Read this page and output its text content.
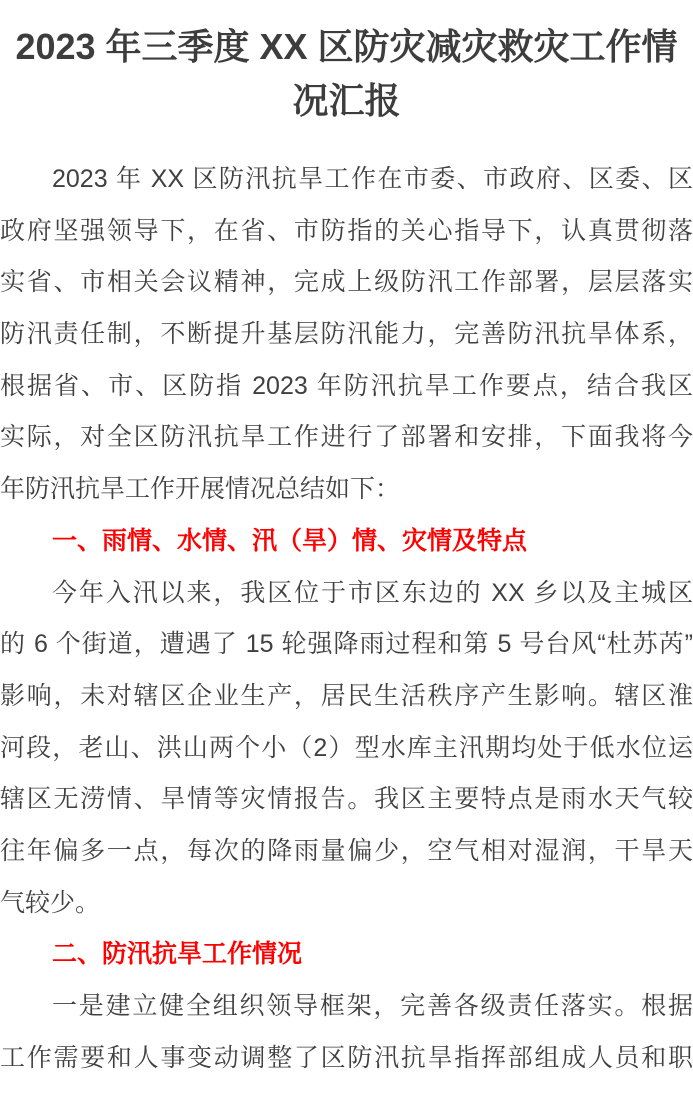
2023 年三季度 XX 区防灾减灾救灾工作情况汇报
2023 年 XX 区防汛抗旱工作在市委、市政府、区委、区
政府坚强领导下，在省、市防指的关心指导下，认真贯彻落
实省、市相关会议精神，完成上级防汛工作部署，层层落实
防汛责任制，不断提升基层防汛能力，完善防汛抗旱体系，
根据省、市、区防指 2023 年防汛抗旱工作要点，结合我区
实际，对全区防汛抗旱工作进行了部署和安排，下面我将今
年防汛抗旱工作开展情况总结如下：
一、雨情、水情、汛（旱）情、灾情及特点
今年入汛以来，我区位于市区东边的 XX 乡以及主城区
的 6 个街道，遭遇了 15 轮强降雨过程和第 5 号台风“杜苏芮”
影响，未对辖区企业生产，居民生活秩序产生影响。辖区淮
河段，老山、洪山两个小（2）型水库主汛期均处于低水位运
辖区无涝情、旱情等灾情报告。我区主要特点是雨水天气较
往年偏多一点，每次的降雨量偏少，空气相对湿润，干旱天
气较少。
二、防汛抗旱工作情况
一是建立健全组织领导框架，完善各级责任落实。根据
工作需要和人事变动调整了区防汛抗旱指挥部组成人员和职
